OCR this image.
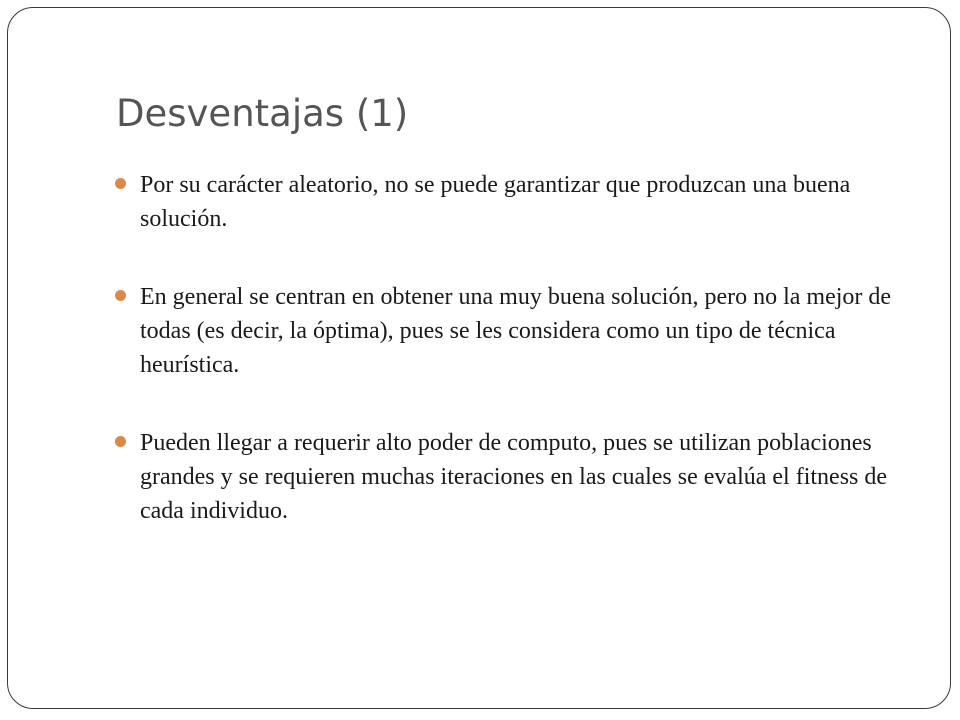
Desventajas (1)
Por su carácter aleatorio, no se puede garantizar que produzcan una buena solución.
En general se centran en obtener una muy buena solución, pero no la mejor de todas (es decir, la óptima), pues se les considera como un tipo de técnica heurística.
Pueden llegar a requerir alto poder de computo, pues se utilizan poblaciones grandes y se requieren muchas iteraciones en las cuales se evalúa el fitness de cada individuo.
